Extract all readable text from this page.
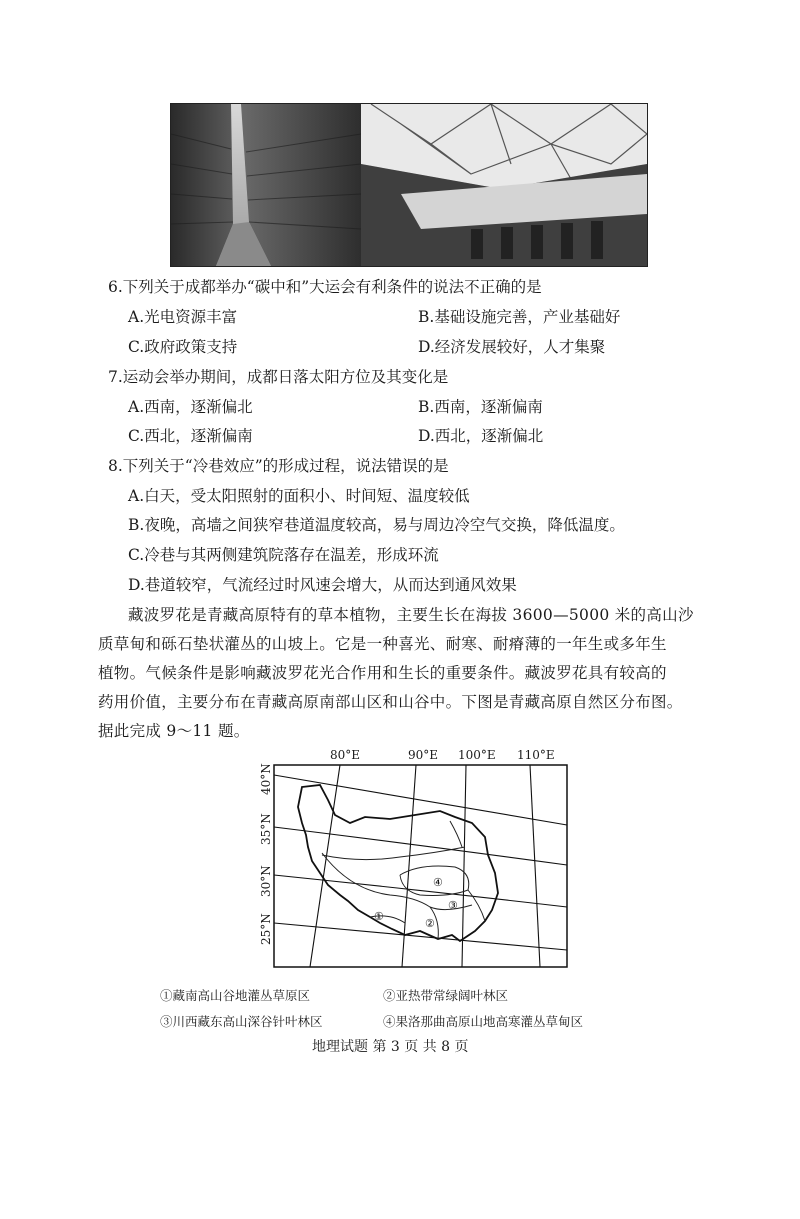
6.下列关于成都举办“碳中和”大运会有利条件的说法不正确的是
A.光电资源丰富	B.基础设施完善，产业基础好
C.政府政策支持	D.经济发展较好，人才集聚
7.运动会举办期间，成都日落太阳方位及其变化是
A.西南，逐渐偏北	B.西南，逐渐偏南
C.西北，逐渐偏南	D.西北，逐渐偏北
8.下列关于“冷巷效应”的形成过程，说法错误的是
A.白天，受太阳照射的面积小、时间短、温度较低
B.夜晚，高墙之间狭窄巷道温度较高，易与周边冷空气交换，降低温度。
C.冷巷与其两侧建筑院落存在温差，形成环流
D.巷道较窄，气流经过时风速会增大，从而达到通风效果
藏波罗花是青藏高原特有的草本植物，主要生长在海拔 3600—5000 米的高山沙
质草甸和砾石垫状灌丛的山坡上。它是一种喜光、耐寒、耐瘠薄的一年生或多年生
植物。气候条件是影响藏波罗花光合作用和生长的重要条件。藏波罗花具有较高的
药用价值，主要分布在青藏高原南部山区和山谷中。下图是青藏高原自然区分布图。
据此完成 9～11 题。
80°E	90°E 100°E 110°E
40°N
35°N
30°N
25°N	①
②
③
④
①藏南高山谷地灌丛草原区	②亚热带常绿阔叶林区
③川西藏东高山深谷针叶林区	④果洛那曲高原山地高寒灌丛草甸区
地理试题 第 3 页 共 8 页
